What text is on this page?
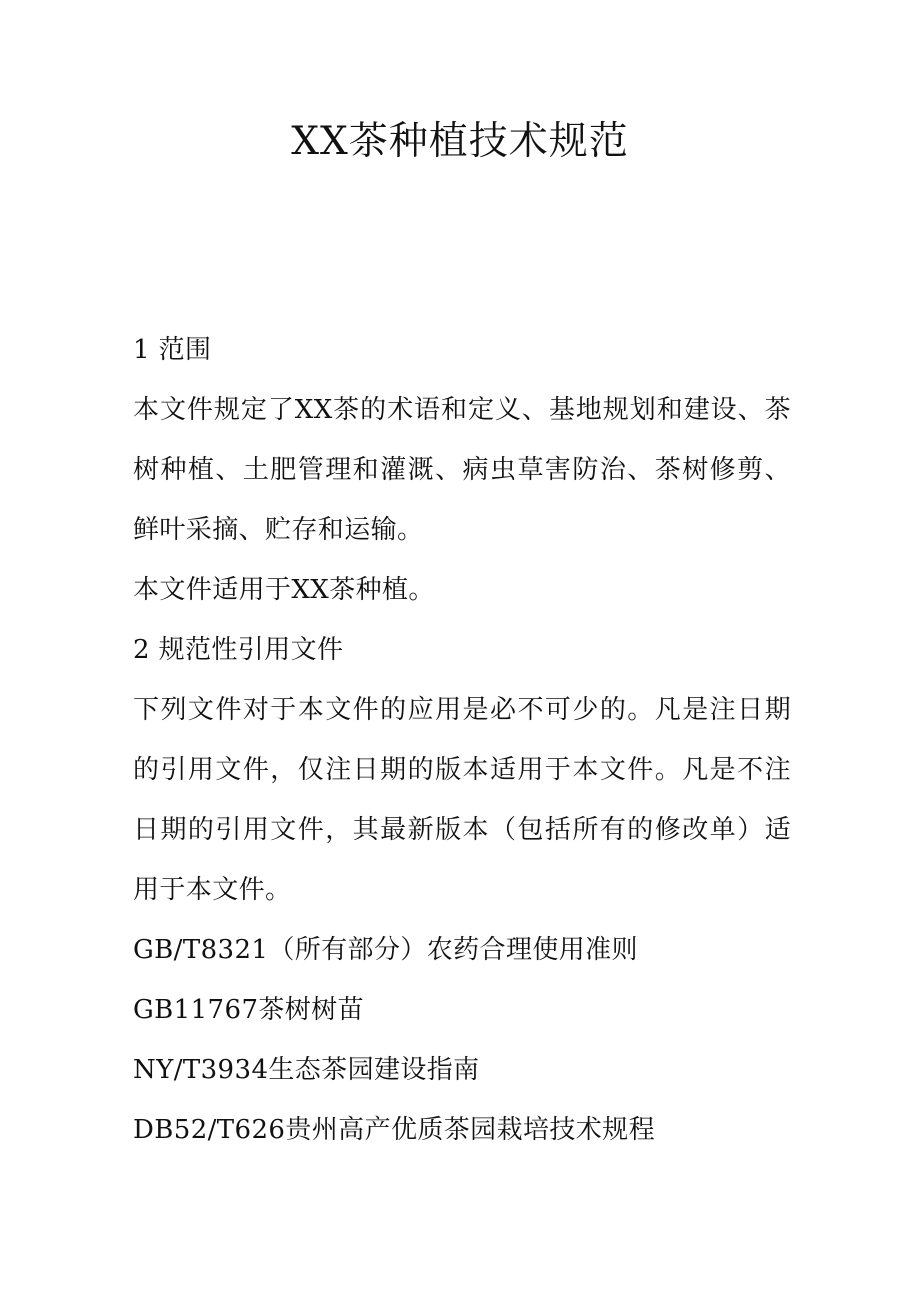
XX茶种植技术规范
1 范围

本文件规定了XX茶的术语和定义、基地规划和建设、茶树种植、土肥管理和灌溉、病虫草害防治、茶树修剪、鲜叶采摘、贮存和运输。

本文件适用于XX茶种植。
2 规范性引用文件

下列文件对于本文件的应用是必不可少的。凡是注日期的引用文件，仅注日期的版本适用于本文件。凡是不注日期的引用文件，其最新版本（包括所有的修改单）适用于本文件。

GB/T8321（所有部分）农药合理使用准则
GB11767茶树树苗
NY/T3934生态茶园建设指南
DB52/T626贵州高产优质茶园栽培技术规程
